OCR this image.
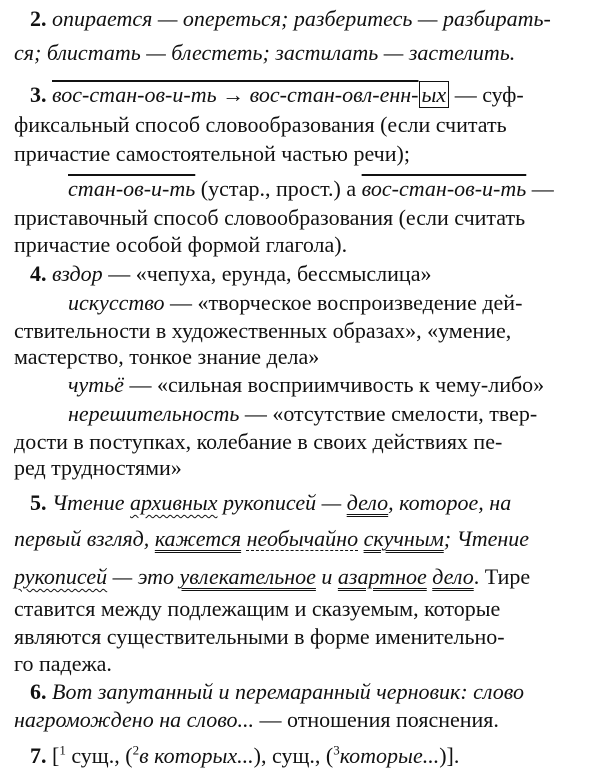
2. опирается — опереться; разберитесь — разбирать-
ся; блистать — блестеть; застилать — застелить.
3. вос-стан-ов-и-ть → вос-стан-овл-енн- ых — суф-
фиксальный способ словообразования (если считать
причастие самостоятельной частью речи);
стан-ов-и-ть (устар., прост.) а вос-стан-ов-и-ть —
приставочный способ словообразования (если считать
причастие особой формой глагола).
4. вздор — «чепуха, ерунда, бессмыслица»
искусство — «творческое воспроизведение дей-
ствительности в художественных образах», «умение,
мастерство, тонкое знание дела»
чутьё — «сильная восприимчивость к чему-либо»
нерешительность — «отсутствие смелости, твер-
дости в поступках, колебание в своих действиях пе-
ред трудностями»
5. Чтение архивных рукописей — дело, которое, на
первый взгляд, кажется необычайно скучным; Чтение
рукописей — это увлекательное и азартное дело. Тире
ставится между подлежащим и сказуемым, которые
являются существительными в форме именительно-
го падежа.
6. Вот запутанный и перемаранный черновик: слово
нагромождено на слово... — отношения пояснения.
7. [$^1$ сущ., ($^2$в которых...), сущ., ($^3$которые...)].
